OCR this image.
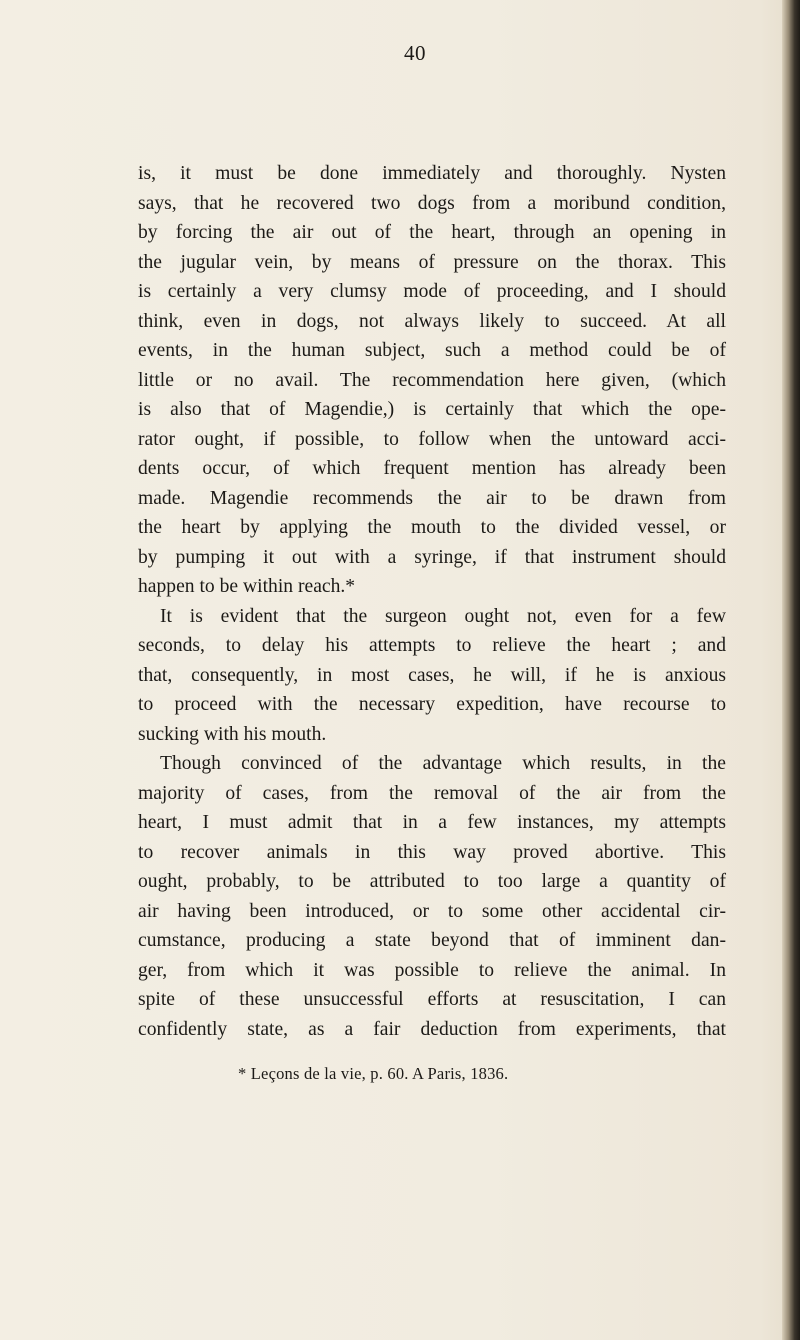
40
is, it must be done immediately and thoroughly. Nysten
says, that he recovered two dogs from a moribund condition,
by forcing the air out of the heart, through an opening in
the jugular vein, by means of pressure on the thorax. This
is certainly a very clumsy mode of proceeding, and I should
think, even in dogs, not always likely to succeed. At all
events, in the human subject, such a method could be of
little or no avail. The recommendation here given, (which
is also that of Magendie,) is certainly that which the ope-
rator ought, if possible, to follow when the untoward acci-
dents occur, of which frequent mention has already been
made. Magendie recommends the air to be drawn from
the heart by applying the mouth to the divided vessel, or
by pumping it out with a syringe, if that instrument should
happen to be within reach.*
It is evident that the surgeon ought not, even for a few
seconds, to delay his attempts to relieve the heart ; and
that, consequently, in most cases, he will, if he is anxious
to proceed with the necessary expedition, have recourse to
sucking with his mouth.
Though convinced of the advantage which results, in the
majority of cases, from the removal of the air from the
heart, I must admit that in a few instances, my attempts
to recover animals in this way proved abortive. This
ought, probably, to be attributed to too large a quantity of
air having been introduced, or to some other accidental cir-
cumstance, producing a state beyond that of imminent dan-
ger, from which it was possible to relieve the animal. In
spite of these unsuccessful efforts at resuscitation, I can
confidently state, as a fair deduction from experiments, that
* Leçons de la vie, p. 60. A Paris, 1836.
